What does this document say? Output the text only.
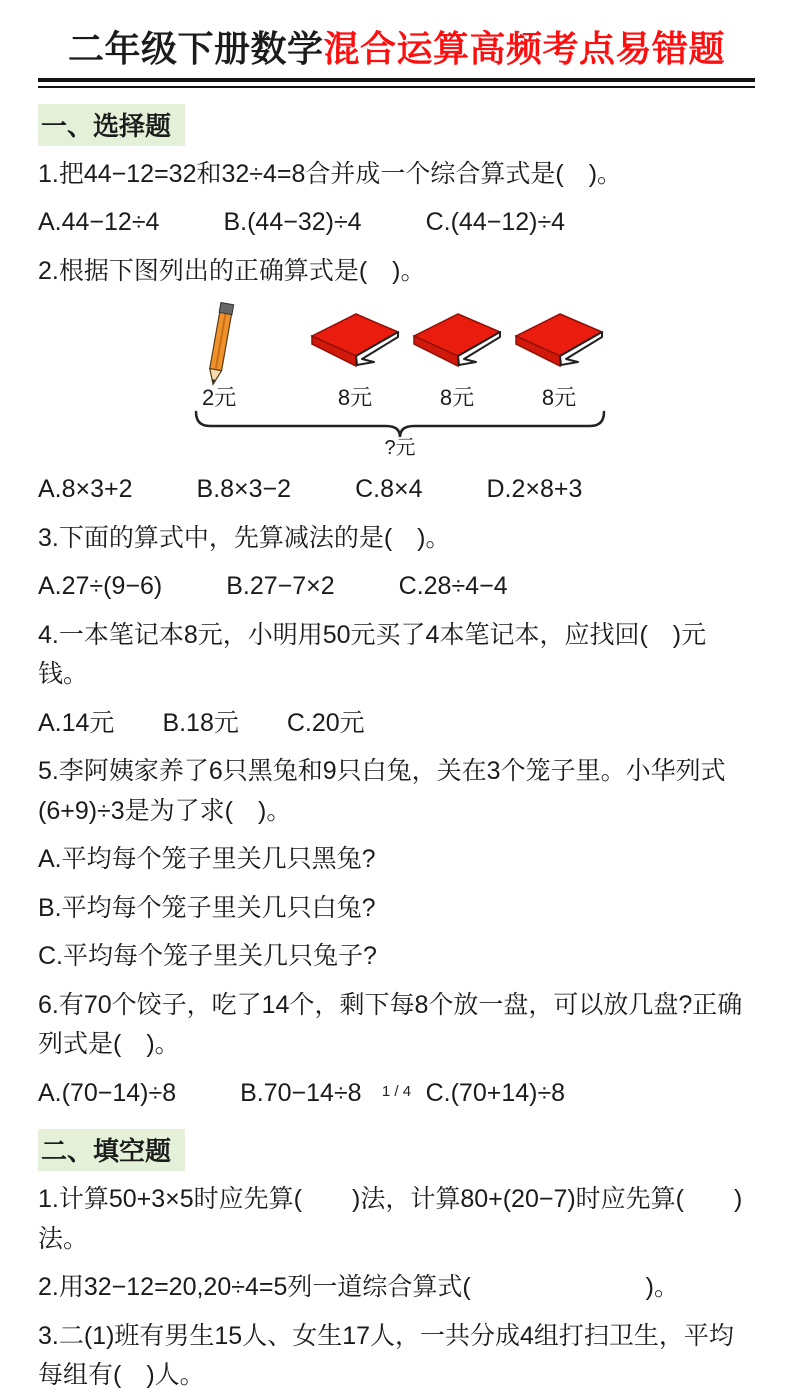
二年级下册数学混合运算高频考点易错题
一、选择题

1.把44−12=32和32÷4=8合并成一个综合算式是(　)。

A.44−12÷4	B.(44−32)÷4	C.(44−12)÷4

2.根据下图列出的正确算式是(　)。

2元	8元	8元	8元
?元
A.8×3+2	B.8×3−2	C.8×4	D.2×8+3

3.下面的算式中，先算减法的是(　)。

A.27÷(9−6)	B.27−7×2	C.28÷4−4

4.一本笔记本8元，小明用50元买了4本笔记本，应找回(　)元钱。

A.14元 B.18元 C.20元

5.李阿姨家养了6只黑兔和9只白兔，关在3个笼子里。小华列式(6+9)÷3是为了求(　)。

A.平均每个笼子里关几只黑兔?

B.平均每个笼子里关几只白兔?

C.平均每个笼子里关几只兔子?

6.有70个饺子，吃了14个，剩下每8个放一盘，可以放几盘?正确列式是(　)。

A.(70−14)÷8	B.70−14÷8	C.(70+14)÷8
二、填空题

1.计算50+3×5时应先算(　　)法，计算80+(20−7)时应先算(　　)法。

2.用32−12=20,20÷4=5列一道综合算式(　　　　　　　)。

3.二(1)班有男生15人、女生17人，一共分成4组打扫卫生，平均每组有(　)人。

1 / 4
